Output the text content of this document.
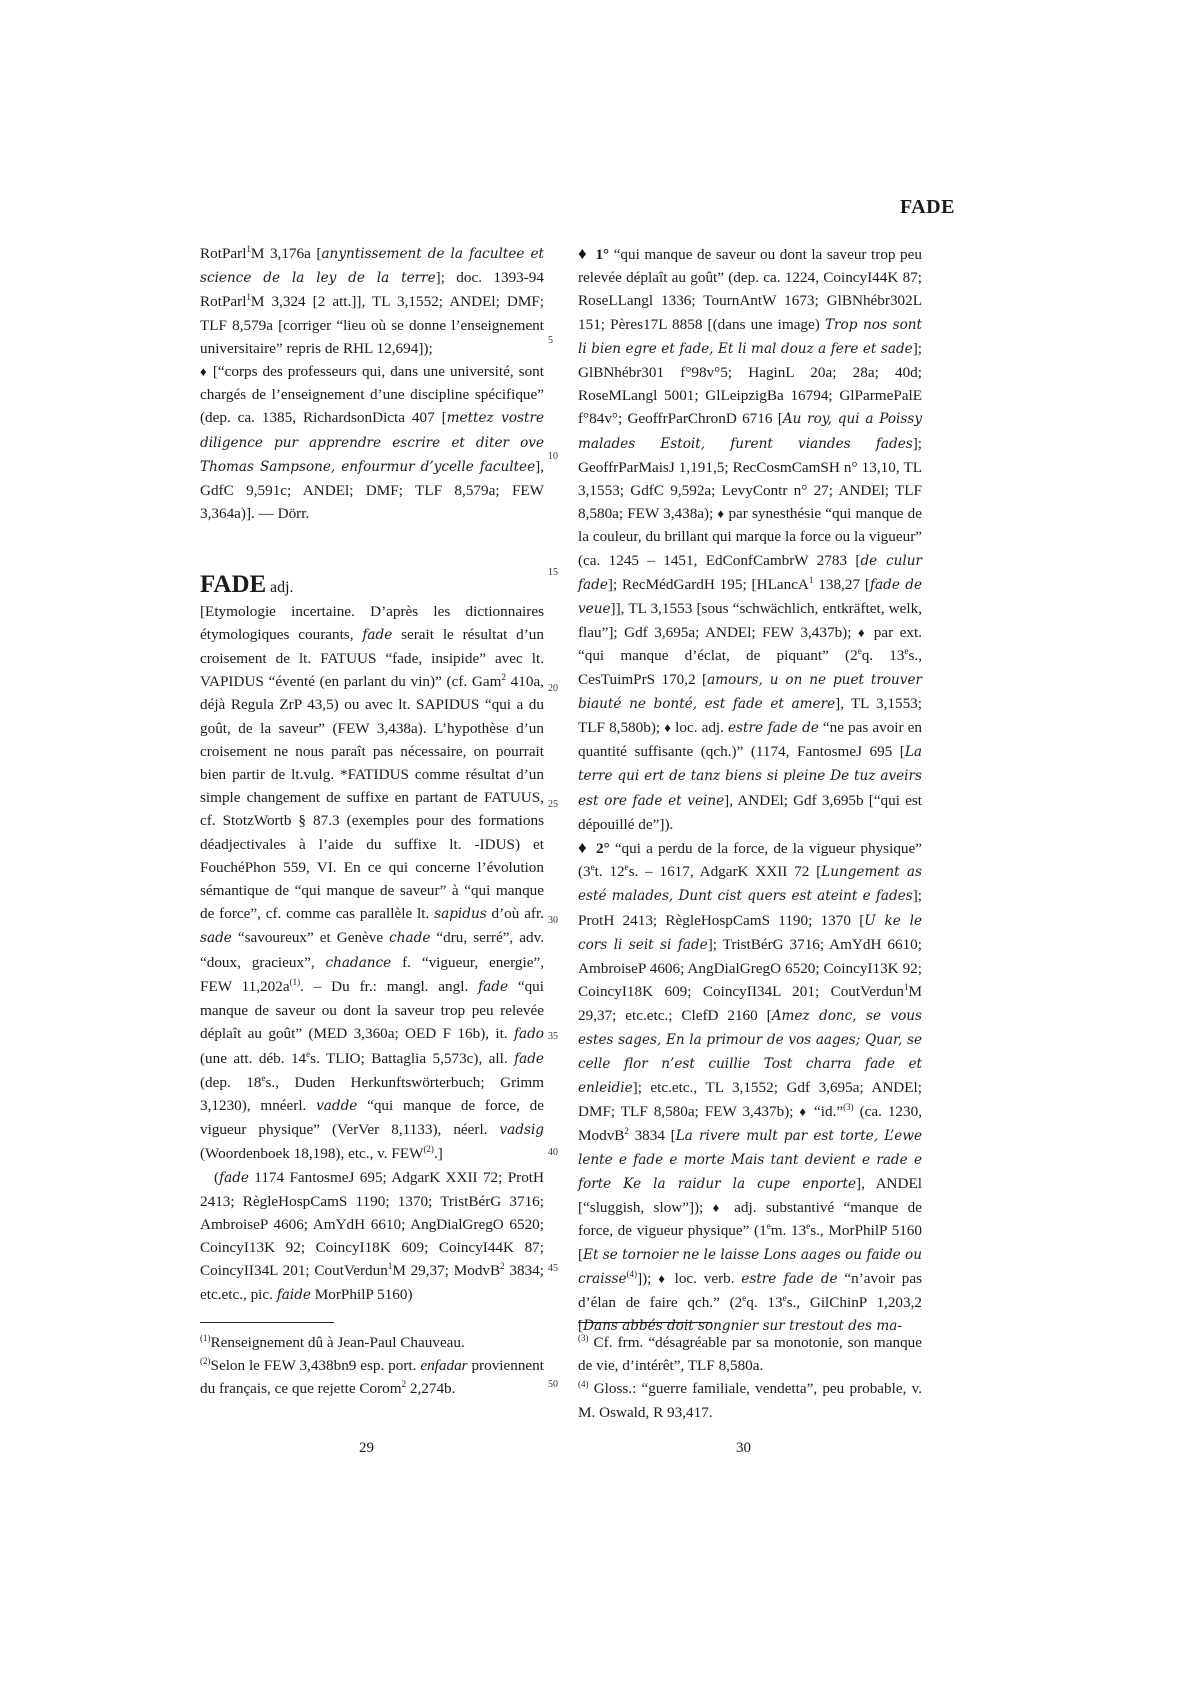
FADE

RotParl$^1$M 3,176a [anyntissement de la facultee et science de la ley de la terre]; doc. 1393-94 RotParl$^1$M 3,324 [2 att.]], TL 3,1552; ANDEl; DMF; TLF 8,579a [corriger “lieu où se donne l’enseignement universitaire” repris de RHL 12,694]);

♦ [“corps des professeurs qui, dans une université, sont chargés de l’enseignement d’une discipline spécifique” (dep. ca. 1385, RichardsonDicta 407 [mettez vostre diligence pur apprendre escrire et diter ove Thomas Sampsone, enfourmur d’ycelle facultee], GdfC 9,591c; ANDEl; DMF; TLF 8,579a; FEW 3,364a)]. — Dörr.

FADE adj.

[Etymologie incertaine. D’après les dictionnaires étymologiques courants, fade serait le résultat d’un croisement de lt. FATUUS “fade, insipide” avec lt. VAPIDUS “éventé (en parlant du vin)” (cf. Gam$^2$ 410a, déjà Regula ZrP 43,5) ou avec lt. SAPIDUS “qui a du goût, de la saveur” (FEW 3,438a). L’hypothèse d’un croisement ne nous paraît pas nécessaire, on pourrait bien partir de lt.vulg. *FATIDUS comme résultat d’un simple changement de suffixe en partant de FATUUS, cf. StotzWortb § 87.3 (exemples pour des formations déadjectivales à l’aide du suffixe lt. -IDUS) et FouchéPhon 559, VI. En ce qui concerne l’évolution sémantique de “qui manque de saveur” à “qui manque de force”, cf. comme cas parallèle lt. sapidus d’où afr. sade “savoureux” et Genève chade “dru, serré”, adv. “doux, gracieux”, chadance f. “vigueur, energie”, FEW $11,202a^{(1)}$. – Du fr.: mangl. angl. fade “qui manque de saveur ou dont la saveur trop peu relevée déplaît au goût” (MED 3,360a; OED F 16b), it. fado (une att. déb. 14es. TLIO; Battaglia 5,573c), all. fade (dep. 18es., Duden Herkunftswörterbuch; Grimm 3,1230), mnéerl. vadde “qui manque de force, de vigueur physique” (VerVer 8,1133), néerl. vadsig (Woordenboek 18,198), etc., v. FEW$^{(2)}$.]

(fade 1174 FantosmeJ 695; AdgarK XXII 72; ProtH 2413; RègleHospCamS 1190; 1370; TristBérG 3716; AmbroiseP 4606; AmYdH 6610; AngDialGregO 6520; CoincyI13K 92; CoincyI18K 609; CoincyI44K 87; CoincyII34L 201; CoutVerdun$^1$M 29,37; ModvB$^2$ 3834; etc.etc., pic. faide MorPhilP 5160)

$^{(1)}$Renseignement dû à Jean-Paul Chauveau.

$^{(2)}$Selon le FEW 3,438bn9 esp. port. enfadar proviennent du français, ce que rejette Corom$^2$ 2,274b.

5
10
15
20
25
30
35
40
45
50

♦ 1° “qui manque de saveur ou dont la saveur trop peu relevée déplaît au goût” (dep. ca. 1224, CoincyI44K 87; RoseLLangl 1336; TournAntW 1673; GlBNhébr302L 151; Pères17L 8858 [(dans une image) Trop nos sont li bien egre et fade, Et li mal douz a fere et sade]; GlBNhébr301 f°98v°5; HaginL 20a; 28a; 40d; RoseMLangl 5001; GlLeipzigBa 16794; GlParmePalE f°84v°; GeoffrParChronD 6716 [Au roy, qui a Poissy malades Estoit, furent viandes fades]; GeoffrParMaisJ 1,191,5; RecCosmCamSH n° 13,10, TL 3,1553; GdfC 9,592a; LevyContr n° 27; ANDEl; TLF 8,580a; FEW 3,438a); ♦ par synesthésie “qui manque de la couleur, du brillant qui marque la force ou la vigueur” (ca. 1245 – 1451, EdConfCambrW 2783 [de culur fade]; RecMédGardH 195; [HLancA$^1$ 138,27 [fade de veue]], TL 3,1553 [sous “schwächlich, entkräftet, welk, flau”]; Gdf 3,695a; ANDEl; FEW 3,437b); ♦ par ext. “qui manque d’éclat, de piquant” (2eq. 13es., CesTuimPrS 170,2 [amours, u on ne puet trouver biauté ne bonté, est fade et amere], TL 3,1553; TLF 8,580b); ♦ loc. adj. estre fade de “ne pas avoir en quantité suffisante (qch.)” (1174, FantosmeJ 695 [La terre qui ert de tanz biens si pleine De tuz aveirs est ore fade et veine], ANDEl; Gdf 3,695b [“qui est dépouillé de”]).

♦ 2° “qui a perdu de la force, de la vigueur physique” (3et. 12es. – 1617, AdgarK XXII 72 [Lungement as esté malades, Dunt cist quers est ateint e fades]; ProtH 2413; RègleHospCamS 1190; 1370 [U ke le cors li seit si fade]; TristBérG 3716; AmYdH 6610; AmbroiseP 4606; AngDialGregO 6520; CoincyI13K 92; CoincyI18K 609; CoincyII34L 201; CoutVerdun$^1$M 29,37; etc.etc.; ClefD 2160 [Amez donc, se vous estes sages, En la primour de vos aages; Quar, se celle flor n’est cuillie Tost charra fade et enleidie]; etc.etc., TL 3,1552; Gdf 3,695a; ANDEl; DMF; TLF 8,580a; FEW 3,437b); ♦ “id.”$^{(3)}$ (ca. 1230, ModvB$^2$ 3834 [La rivere mult par est torte, L’ewe lente e fade e morte Mais tant devient e rade e forte Ke la raidur la cupe enporte], ANDEl [“sluggish, slow”]); ♦ adj. substantivé “manque de force, de vigueur physique” (1em. 13es., MorPhilP 5160 [Et se tornoier ne le laisse Lons aages ou faide ou craisse$^{(4)}$]); ♦ loc. verb. estre fade de “n’avoir pas d’élan de faire qch.” (2eq. 13es., GilChinP 1,203,2 [Dans abbés doit songnier sur trestout des ma-

$^{(3)}$ Cf. frm. “désagréable par sa monotonie, son manque de vie, d’intérêt”, TLF 8,580a.

$^{(4)}$ Gloss.: “guerre familiale, vendetta”, peu probable, v. M. Oswald, R 93,417.

29	30
